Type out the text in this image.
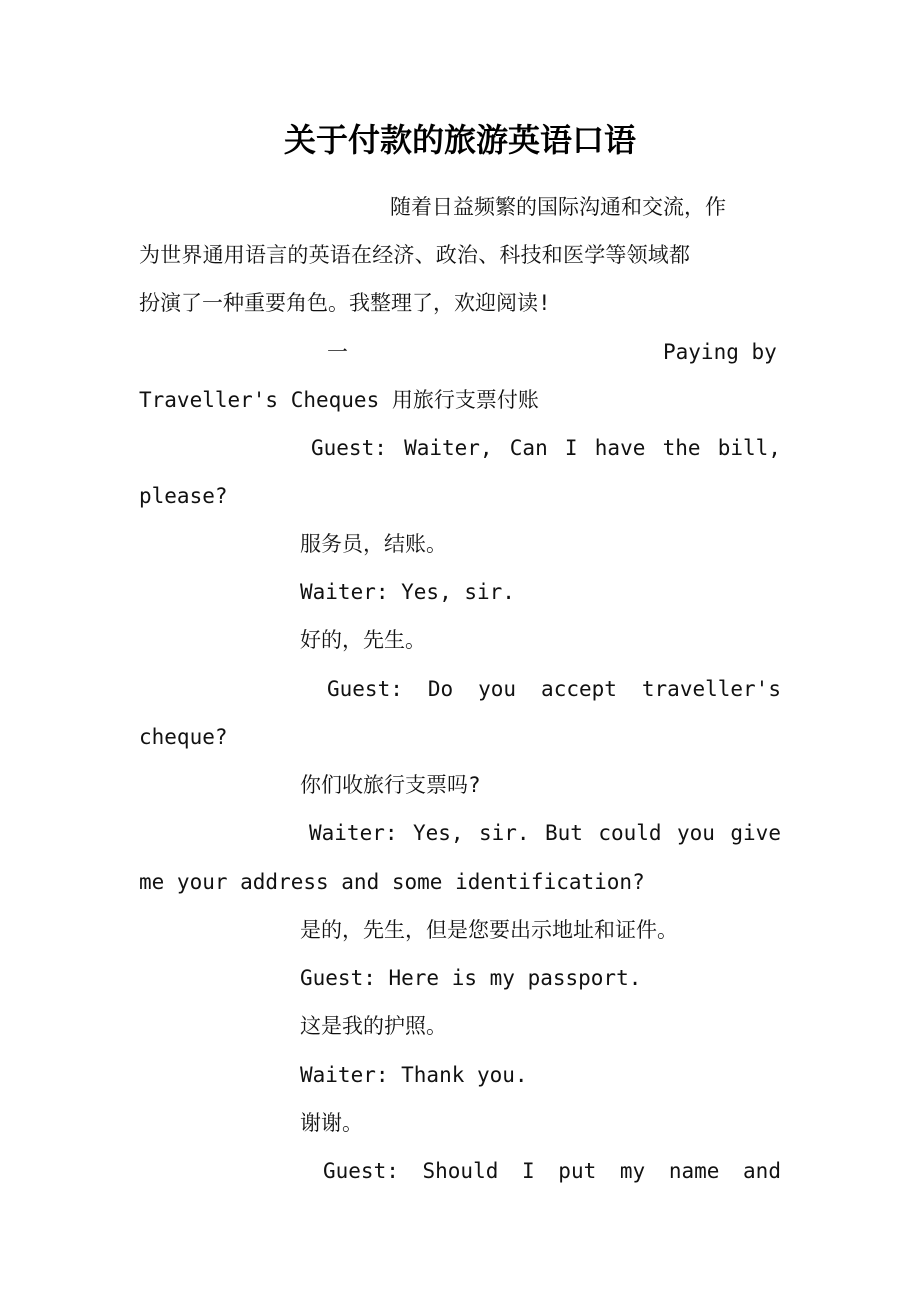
关于付款的旅游英语口语
随着日益频繁的国际沟通和交流，作
为世界通用语言的英语在经济、政治、科技和医学等领域都
扮演了一种重要角色。我整理了，欢迎阅读!
一	Paying by
Traveller's Cheques 用旅行支票付账
Guest: Waiter, Can I have the bill,
please?
服务员，结账。
Waiter: Yes, sir.
好的，先生。
Guest: Do you accept traveller's
cheque?
你们收旅行支票吗?
Waiter: Yes, sir. But could you give
me your address and some identification?
是的，先生，但是您要出示地址和证件。
Guest: Here is my passport.
这是我的护照。
Waiter: Thank you.
谢谢。
Guest: Should I put my name and
